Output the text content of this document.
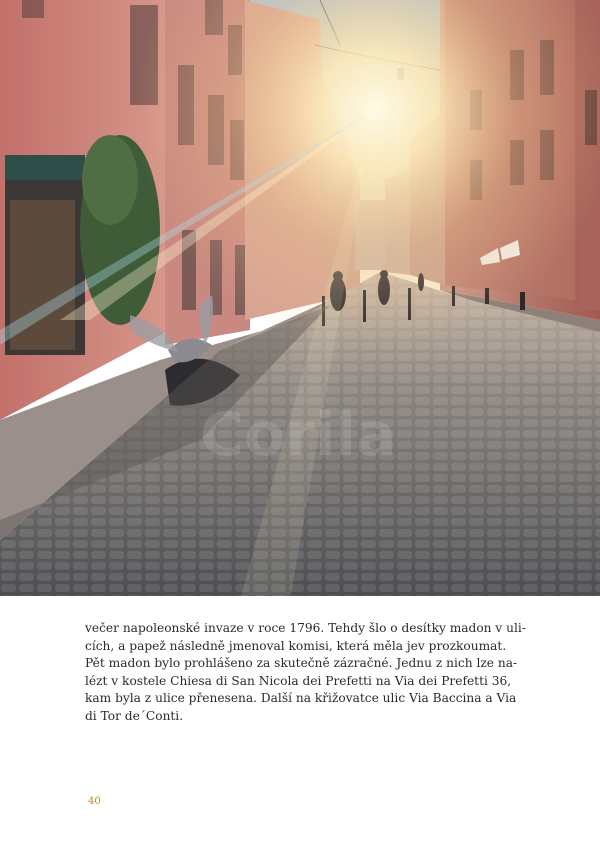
Corila

večer napoleonské invaze v roce 1796. Tehdy šlo o desítky madon v uli-
cích, a papež následně jmenoval komisi, která měla jev prozkoumat.
Pět madon bylo prohlášeno za skutečně zázračné. Jednu z nich lze na-
lézt v kostele Chiesa di San Nicola dei Prefetti na Via dei Prefetti 36,
kam byla z ulice přenesena. Další na křižovatce ulic Via Baccina a Via
di Tor de´Conti.

40
